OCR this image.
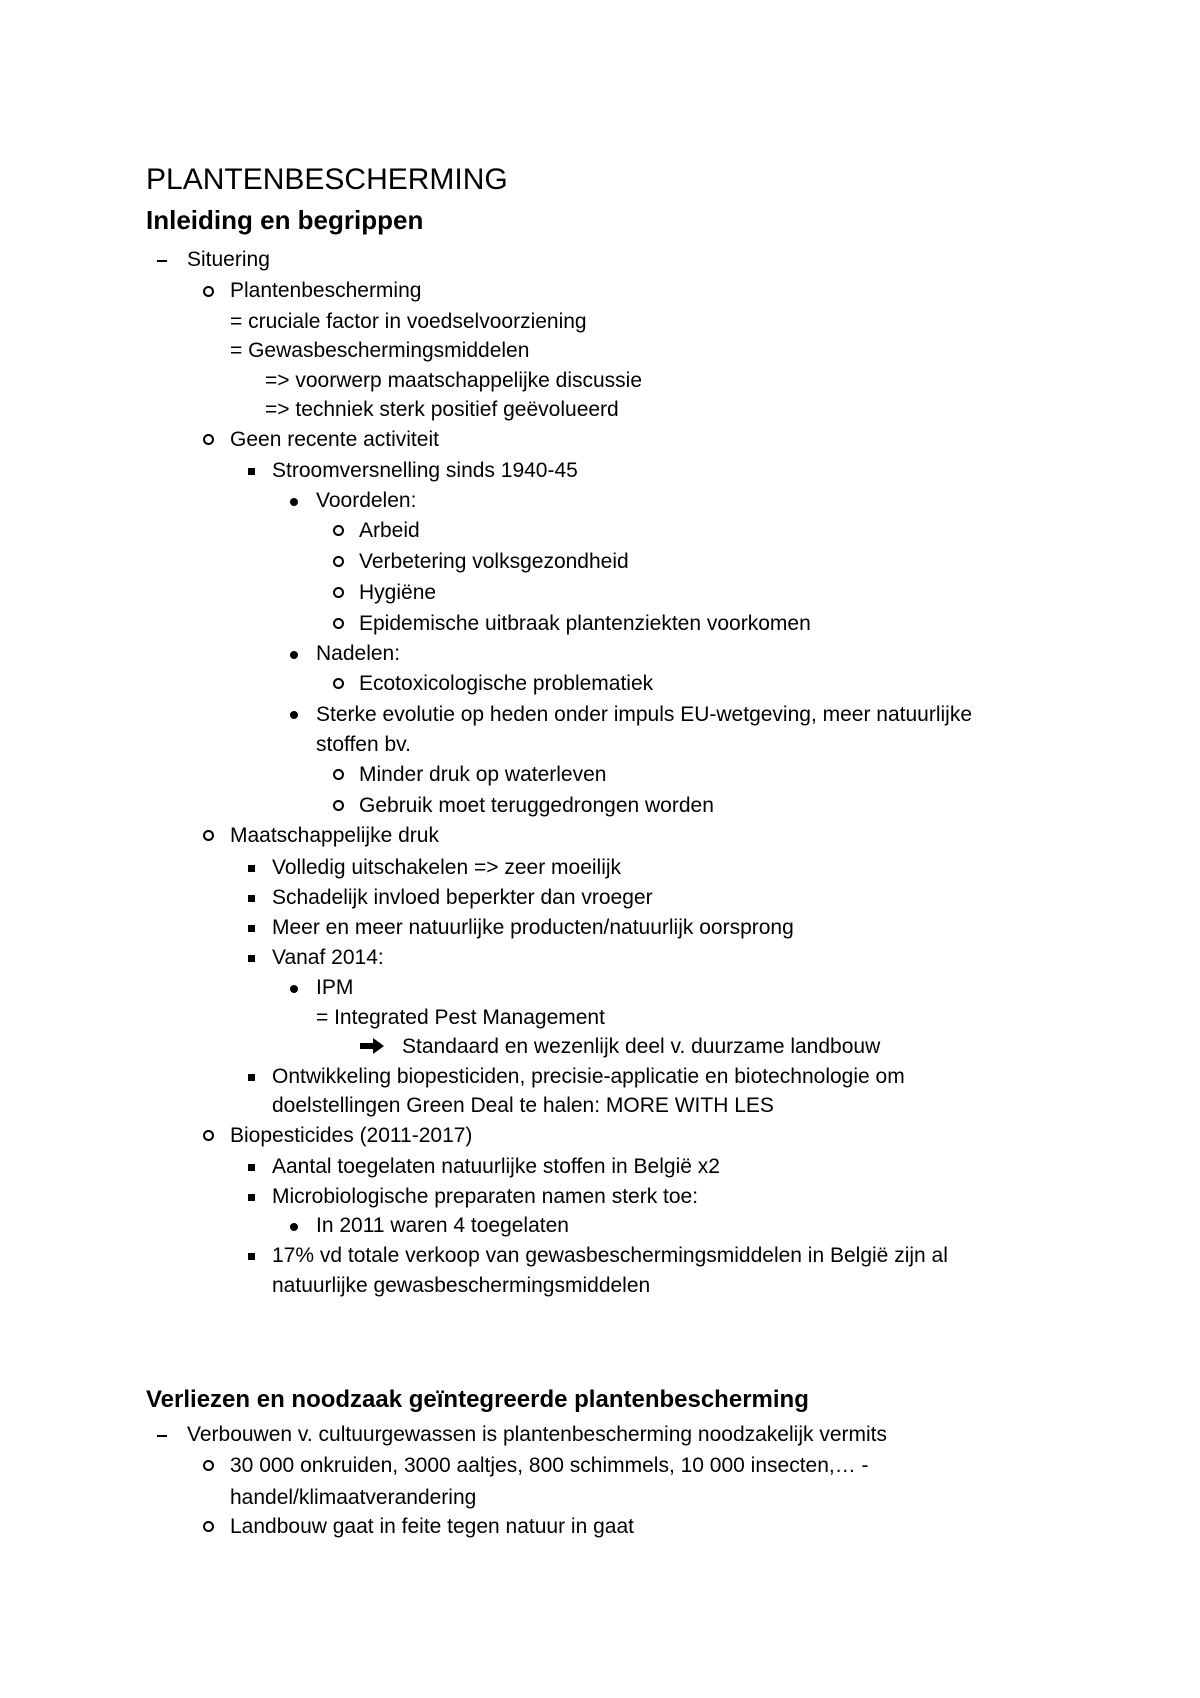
PLANTENBESCHERMING
Inleiding en begrippen
Situering
Plantenbescherming
= cruciale factor in voedselvoorziening
= Gewasbeschermingsmiddelen
=> voorwerp maatschappelijke discussie
=> techniek sterk positief geëvolueerd
Geen recente activiteit
Stroomversnelling sinds 1940-45
Voordelen:
Arbeid
Verbetering volksgezondheid
Hygiëne
Epidemische uitbraak plantenziekten voorkomen
Nadelen:
Ecotoxicologische problematiek
Sterke evolutie op heden onder impuls EU-wetgeving, meer natuurlijke
stoffen bv.
Minder druk op waterleven
Gebruik moet teruggedrongen worden
Maatschappelijke druk
Volledig uitschakelen => zeer moeilijk
Schadelijk invloed beperkter dan vroeger
Meer en meer natuurlijke producten/natuurlijk oorsprong
Vanaf 2014:
IPM
= Integrated Pest Management
Standaard en wezenlijk deel v. duurzame landbouw
Ontwikkeling biopesticiden, precisie-applicatie en biotechnologie om
doelstellingen Green Deal te halen: MORE WITH LES
Biopesticides (2011-2017)
Aantal toegelaten natuurlijke stoffen in België x2
Microbiologische preparaten namen sterk toe:
In 2011 waren 4 toegelaten
17% vd totale verkoop van gewasbeschermingsmiddelen in België zijn al
natuurlijke gewasbeschermingsmiddelen
Verliezen en noodzaak geïntegreerde plantenbescherming
Verbouwen v. cultuurgewassen is plantenbescherming noodzakelijk vermits
30 000 onkruiden, 3000 aaltjes, 800 schimmels, 10 000 insecten,… -
handel/klimaatverandering
Landbouw gaat in feite tegen natuur in gaat
